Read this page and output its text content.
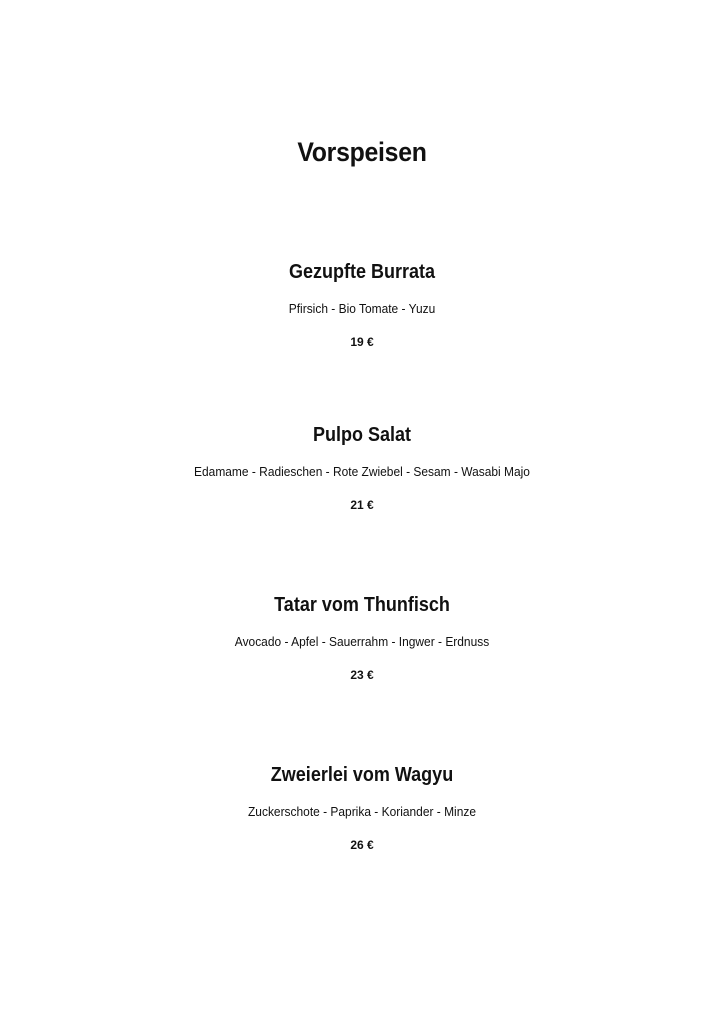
Vorspeisen
Gezupfte Burrata
Pfirsich - Bio Tomate - Yuzu
19 €
Pulpo Salat
Edamame - Radieschen - Rote Zwiebel - Sesam - Wasabi Majo
21 €
Tatar vom Thunfisch
Avocado - Apfel - Sauerrahm - Ingwer - Erdnuss
23 €
Zweierlei vom Wagyu
Zuckerschote - Paprika - Koriander - Minze
26 €
